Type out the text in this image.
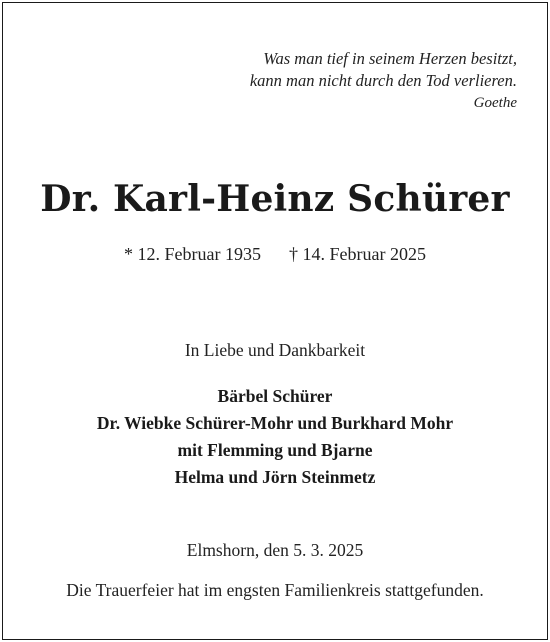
Was man tief in seinem Herzen besitzt,
kann man nicht durch den Tod verlieren.
Goethe
Dr. Karl-Heinz Schürer
* 12. Februar 1935 † 14. Februar 2025
In Liebe und Dankbarkeit
Bärbel Schürer
Dr. Wiebke Schürer-Mohr und Burkhard Mohr
mit Flemming und Bjarne
Helma und Jörn Steinmetz
Elmshorn, den 5. 3. 2025
Die Trauerfeier hat im engsten Familienkreis stattgefunden.
